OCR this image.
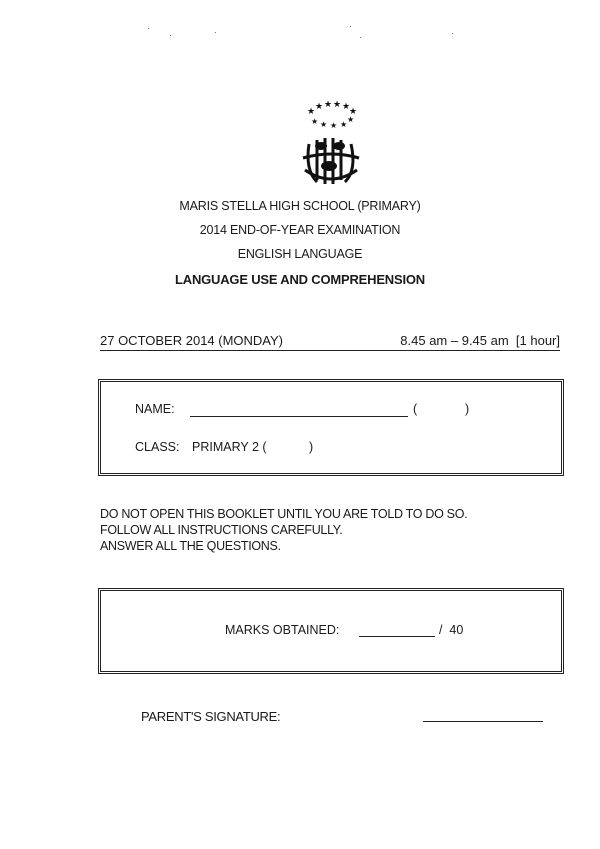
★ ★ ★ ★ ★
★
★ ★ ★ ★
★
MARIS STELLA HIGH SCHOOL (PRIMARY)
2014 END-OF-YEAR EXAMINATION
ENGLISH LANGUAGE
LANGUAGE USE AND COMPREHENSION
27 OCTOBER 2014 (MONDAY)	8.45 am – 9.45 am  [1 hour]
NAME:	(	)
CLASS: PRIMARY 2 (	)
DO NOT OPEN THIS BOOKLET UNTIL YOU ARE TOLD TO DO SO.
FOLLOW ALL INSTRUCTIONS CAREFULLY.
ANSWER ALL THE QUESTIONS.
MARKS OBTAINED:	/  40
PARENT'S SIGNATURE:
